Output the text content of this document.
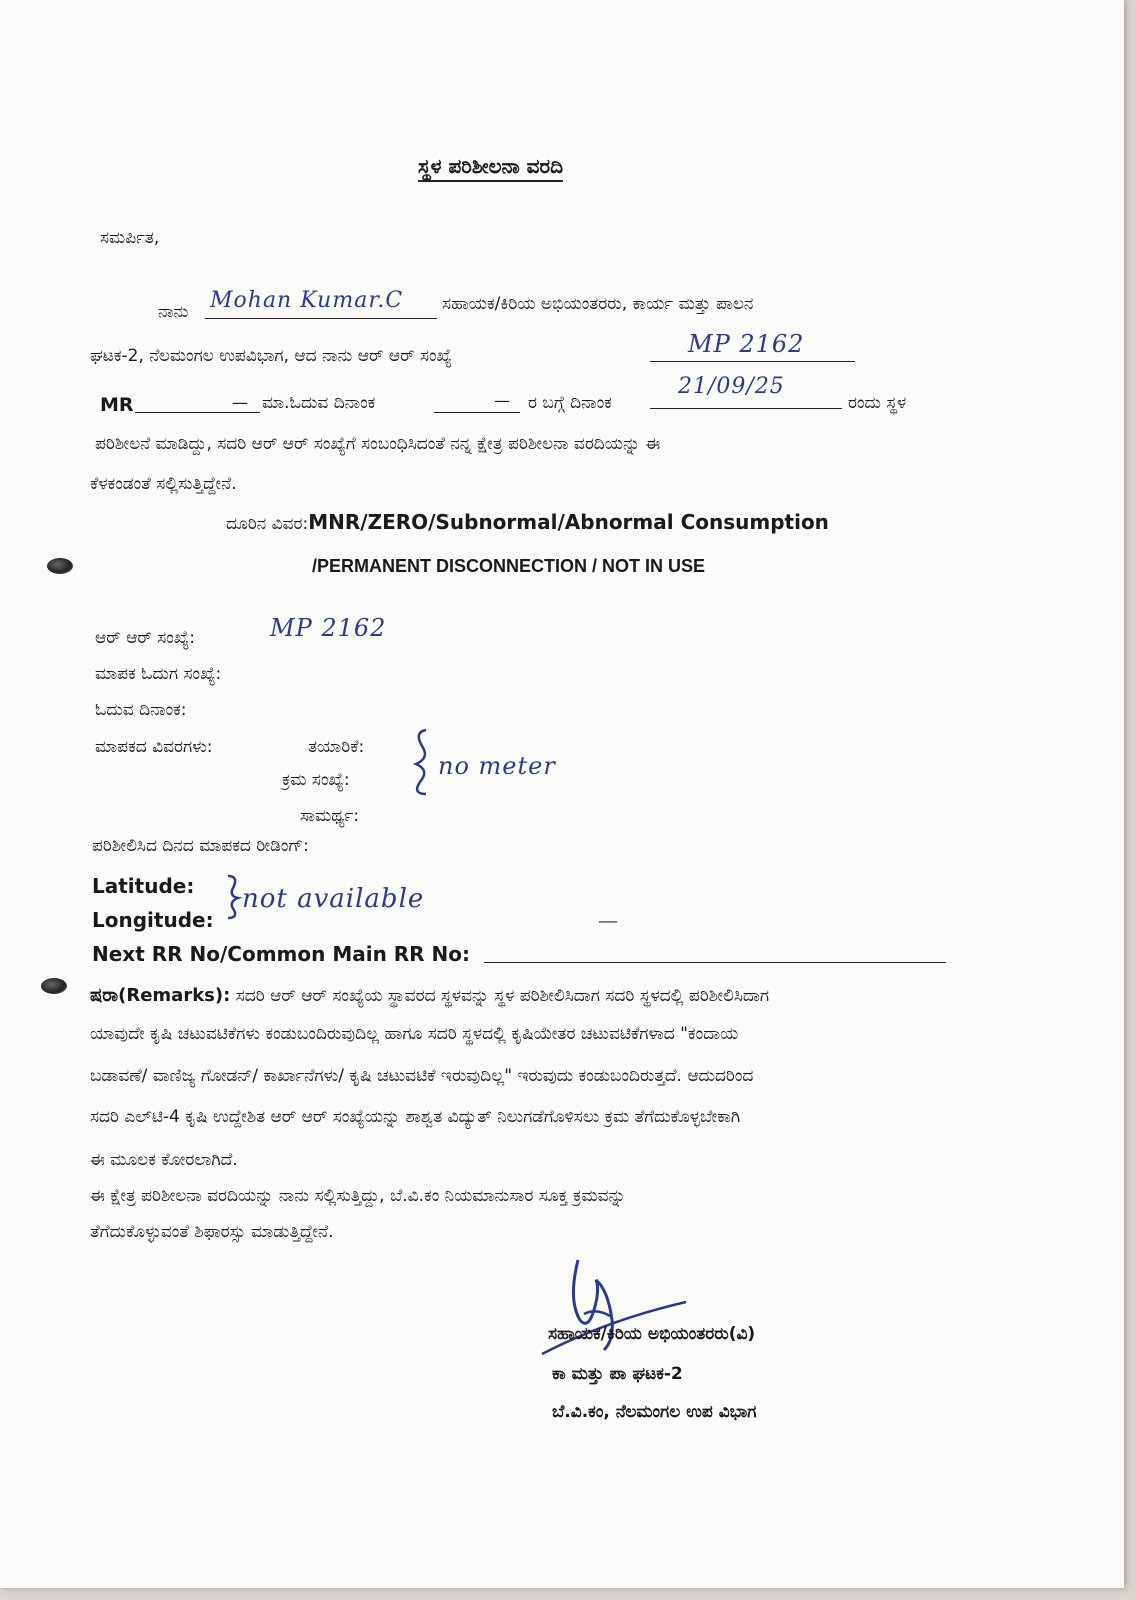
ಸ್ಥಳ ಪರಿಶೀಲನಾ ವರದಿ
ಸಮರ್ಪಿತ,
ನಾನು Mohan Kumar.C ಸಹಾಯಕ/ಕಿರಿಯ ಅಭಿಯಂತರರು, ಕಾರ್ಯ ಮತ್ತು ಪಾಲನ
ಘಟಕ-2, ನೆಲಮಂಗಲ ಉಪವಿಭಾಗ, ಆದ ನಾನು ಆರ್ ಆರ್ ಸಂಖ್ಯೆ	MP 2162
MR	— ಮಾ.ಓದುವ ದಿನಾಂಕ	— ರ ಬಗ್ಗೆ ದಿನಾಂಕ
21/09/25
ರಂದು ಸ್ಥಳ
ಪರಿಶೀಲನೆ ಮಾಡಿದ್ದು, ಸದರಿ ಆರ್ ಆರ್ ಸಂಖ್ಯೆಗೆ ಸಂಬಂಧಿಸಿದಂತೆ ನನ್ನ ಕ್ಷೇತ್ರ ಪರಿಶೀಲನಾ ವರದಿಯನ್ನು ಈ
ಕೆಳಕಂಡಂತೆ ಸಲ್ಲಿಸುತ್ತಿದ್ದೇನೆ.
ದೂರಿನ ವಿವರ:MNR/ZERO/Subnormal/Abnormal Consumption
/PERMANENT DISCONNECTION / NOT IN USE
ಆರ್ ಆರ್ ಸಂಖ್ಯೆ:	MP 2162
ಮಾಪಕ ಓದುಗ ಸಂಖ್ಯೆ:
ಓದುವ ದಿನಾಂಕ:
ಮಾಪಕದ ವಿವರಗಳು:	ತಯಾರಿಕೆ:
ಕ್ರಮ ಸಂಖ್ಯೆ:
ಸಾಮರ್ಥ್ಯ:
no meter
ಪರಿಶೀಲಿಸಿದ ದಿನದ ಮಾಪಕದ ರೀಡಿಂಗ್:
Latitude:
Longitude:
not available
—
Next RR No/Common Main RR No:
ಷರಾ(Remarks): ಸದರಿ ಆರ್ ಆರ್ ಸಂಖ್ಯೆಯ ಸ್ಥಾವರದ ಸ್ಥಳವನ್ನು ಸ್ಥಳ ಪರಿಶೀಲಿಸಿದಾಗ ಸದರಿ ಸ್ಥಳದಲ್ಲಿ ಪರಿಶೀಲಿಸಿದಾಗ
ಯಾವುದೇ ಕೃಷಿ ಚಟುವಟಿಕೆಗಳು ಕಂಡುಬಂದಿರುವುದಿಲ್ಲ ಹಾಗೂ ಸದರಿ ಸ್ಥಳದಲ್ಲಿ ಕೃಷಿಯೇತರ ಚಟುವಟಿಕೆಗಳಾದ "ಕಂದಾಯ
ಬಡಾವಣೆ/ ವಾಣಿಜ್ಯ ಗೋಡನ್/ ಕಾರ್ಖಾನೆಗಳು/ ಕೃಷಿ ಚಟುವಟಿಕೆ ಇರುವುದಿಲ್ಲ" ಇರುವುದು ಕಂಡುಬಂದಿರುತ್ತದೆ. ಆದುದರಿಂದ
ಸದರಿ ಎಲ್‌ಟಿ-4 ಕೃಷಿ ಉದ್ದೇಶಿತ ಆರ್ ಆರ್ ಸಂಖ್ಯೆಯನ್ನು ಶಾಶ್ವತ ವಿದ್ಯುತ್ ನಿಲುಗಡೆಗೊಳಿಸಲು ಕ್ರಮ ತೆಗೆದುಕೊಳ್ಳಬೇಕಾಗಿ
ಈ ಮೂಲಕ ಕೋರಲಾಗಿದೆ.
ಈ ಕ್ಷೇತ್ರ ಪರಿಶೀಲನಾ ವರದಿಯನ್ನು ನಾನು ಸಲ್ಲಿಸುತ್ತಿದ್ದು, ಬೆ.ವಿ.ಕಂ ನಿಯಮಾನುಸಾರ ಸೂಕ್ತ ಕ್ರಮವನ್ನು
ತೆಗೆದುಕೊಳ್ಳುವಂತೆ ಶಿಫಾರಸ್ಸು ಮಾಡುತ್ತಿದ್ದೇನೆ.
ಸಹಾಯಕ/ಕಿರಿಯ ಅಭಿಯಂತರರು(ವಿ)
ಕಾ ಮತ್ತು ಪಾ ಘಟಕ-2
ಬೆ.ವಿ.ಕಂ, ನೆಲಮಂಗಲ ಉಪ ವಿಭಾಗ
